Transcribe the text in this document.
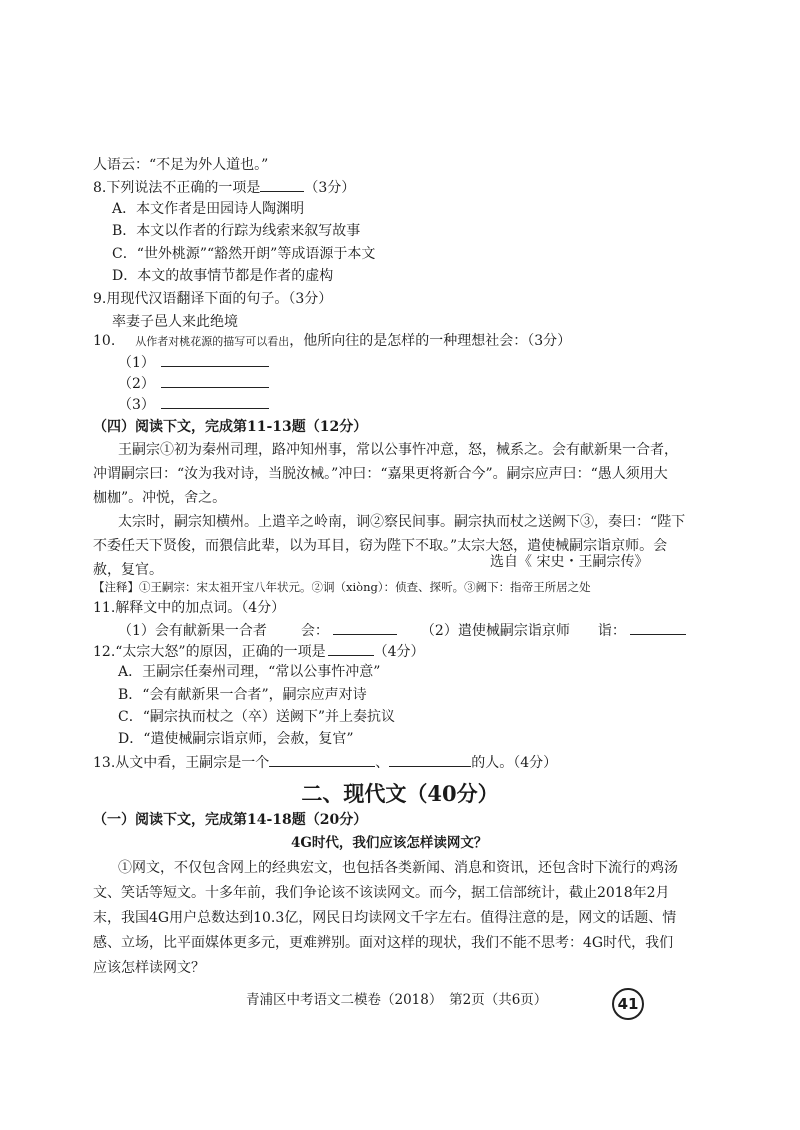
人语云：“不足为外人道也。”
8.下列说法不正确的一项是	（3分）
A．本文作者是田园诗人陶渊明
B．本文以作者的行踪为线索来叙写故事
C．“世外桃源”“豁然开朗”等成语源于本文
D．本文的故事情节都是作者的虚构
9.用现代汉语翻译下面的句子。（3分）
率妻子邑人来此绝境
10. 从作者对桃花源的描写可以看出，他所向往的是怎样的一种理想社会：（3分）
（1）
（2）
（3）
（四）阅读下文，完成第11-13题（12分）
王嗣宗①初为秦州司理，路冲知州事，常以公事忤冲意，怒，械系之。会有献新果一合者，
冲谓嗣宗曰：“汝为我对诗，当脱汝械。”冲曰：“嘉果更将新合今”。嗣宗应声曰：“愚人须用大
枷枷”。冲悦，舍之。
太宗时，嗣宗知横州。上遣辛之岭南，诇②察民间事。嗣宗执而杖之送阙下③，奏曰：“陛下
不委任天下贤俊，而猥信此辈，以为耳目，窃为陛下不取。”太宗大怒，遣使械嗣宗诣京师。会
赦，复官。	选自《 宋史・王嗣宗传》
【注释】①王嗣宗：宋太祖开宝八年状元。②诇（xiòng）：侦查、探听。③阙下：指帝王所居之处
11.解释文中的加点词。（4分）
（1）会有献新果一合者 会：	（2）遣使械嗣宗诣京师 诣：
12.“太宗大怒”的原因，正确的一项是	（4分）
A．王嗣宗任秦州司理，“常以公事忤冲意”
B．“会有献新果一合者”，嗣宗应声对诗
C．“嗣宗执而杖之（卒）送阙下”并上奏抗议
D．“遣使械嗣宗诣京师，会赦，复官”
13.从文中看，王嗣宗是一个	、	的人。（4分）
二、现代文（40分）
（一）阅读下文，完成第14-18题（20分）
4G时代，我们应该怎样读网文？
①网文，不仅包含网上的经典宏文，也包括各类新闻、消息和资讯，还包含时下流行的鸡汤
文、笑话等短文。十多年前，我们争论该不该读网文。而今，据工信部统计，截止2018年2月
末，我国4G用户总数达到10.3亿，网民日均读网文千字左右。值得注意的是，网文的话题、情
感、立场，比平面媒体更多元，更难辨别。面对这样的现状，我们不能不思考：4G时代，我们
应该怎样读网文？
青浦区中考语文二模卷（2018）　第2页（共6页）	41
